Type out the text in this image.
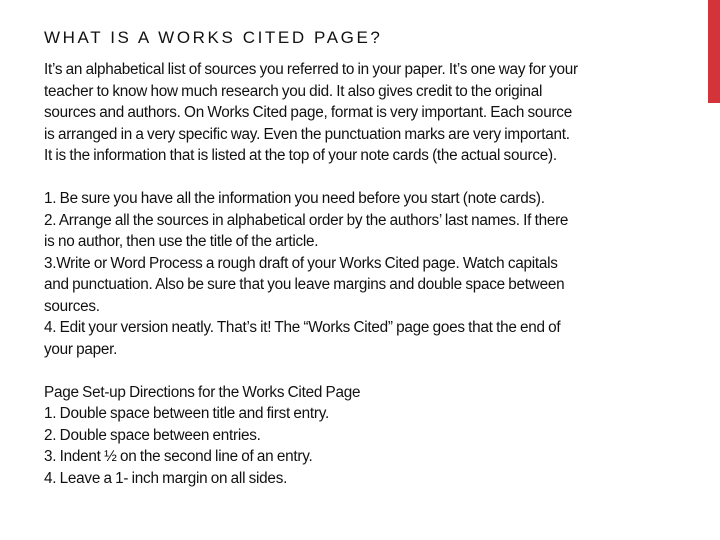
WHAT IS A WORKS CITED PAGE?

It’s an alphabetical list of sources you referred to in your paper. It’s one way for your
teacher to know how much research you did. It also gives credit to the original
sources and authors. On Works Cited page, format is very important. Each source
is arranged in a very specific way. Even the punctuation marks are very important.
It is the information that is listed at the top of your note cards (the actual source).

1. Be sure you have all the information you need before you start (note cards).
2. Arrange all the sources in alphabetical order by the authors’ last names. If there
is no author, then use the title of the article.
3.Write or Word Process a rough draft of your Works Cited page. Watch capitals
and punctuation. Also be sure that you leave margins and double space between
sources.
4. Edit your version neatly. That’s it! The “Works Cited” page goes that the end of
your paper.

Page Set-up Directions for the Works Cited Page
1. Double space between title and first entry.
2. Double space between entries.
3. Indent ½ on the second line of an entry.
4. Leave a 1- inch margin on all sides.
